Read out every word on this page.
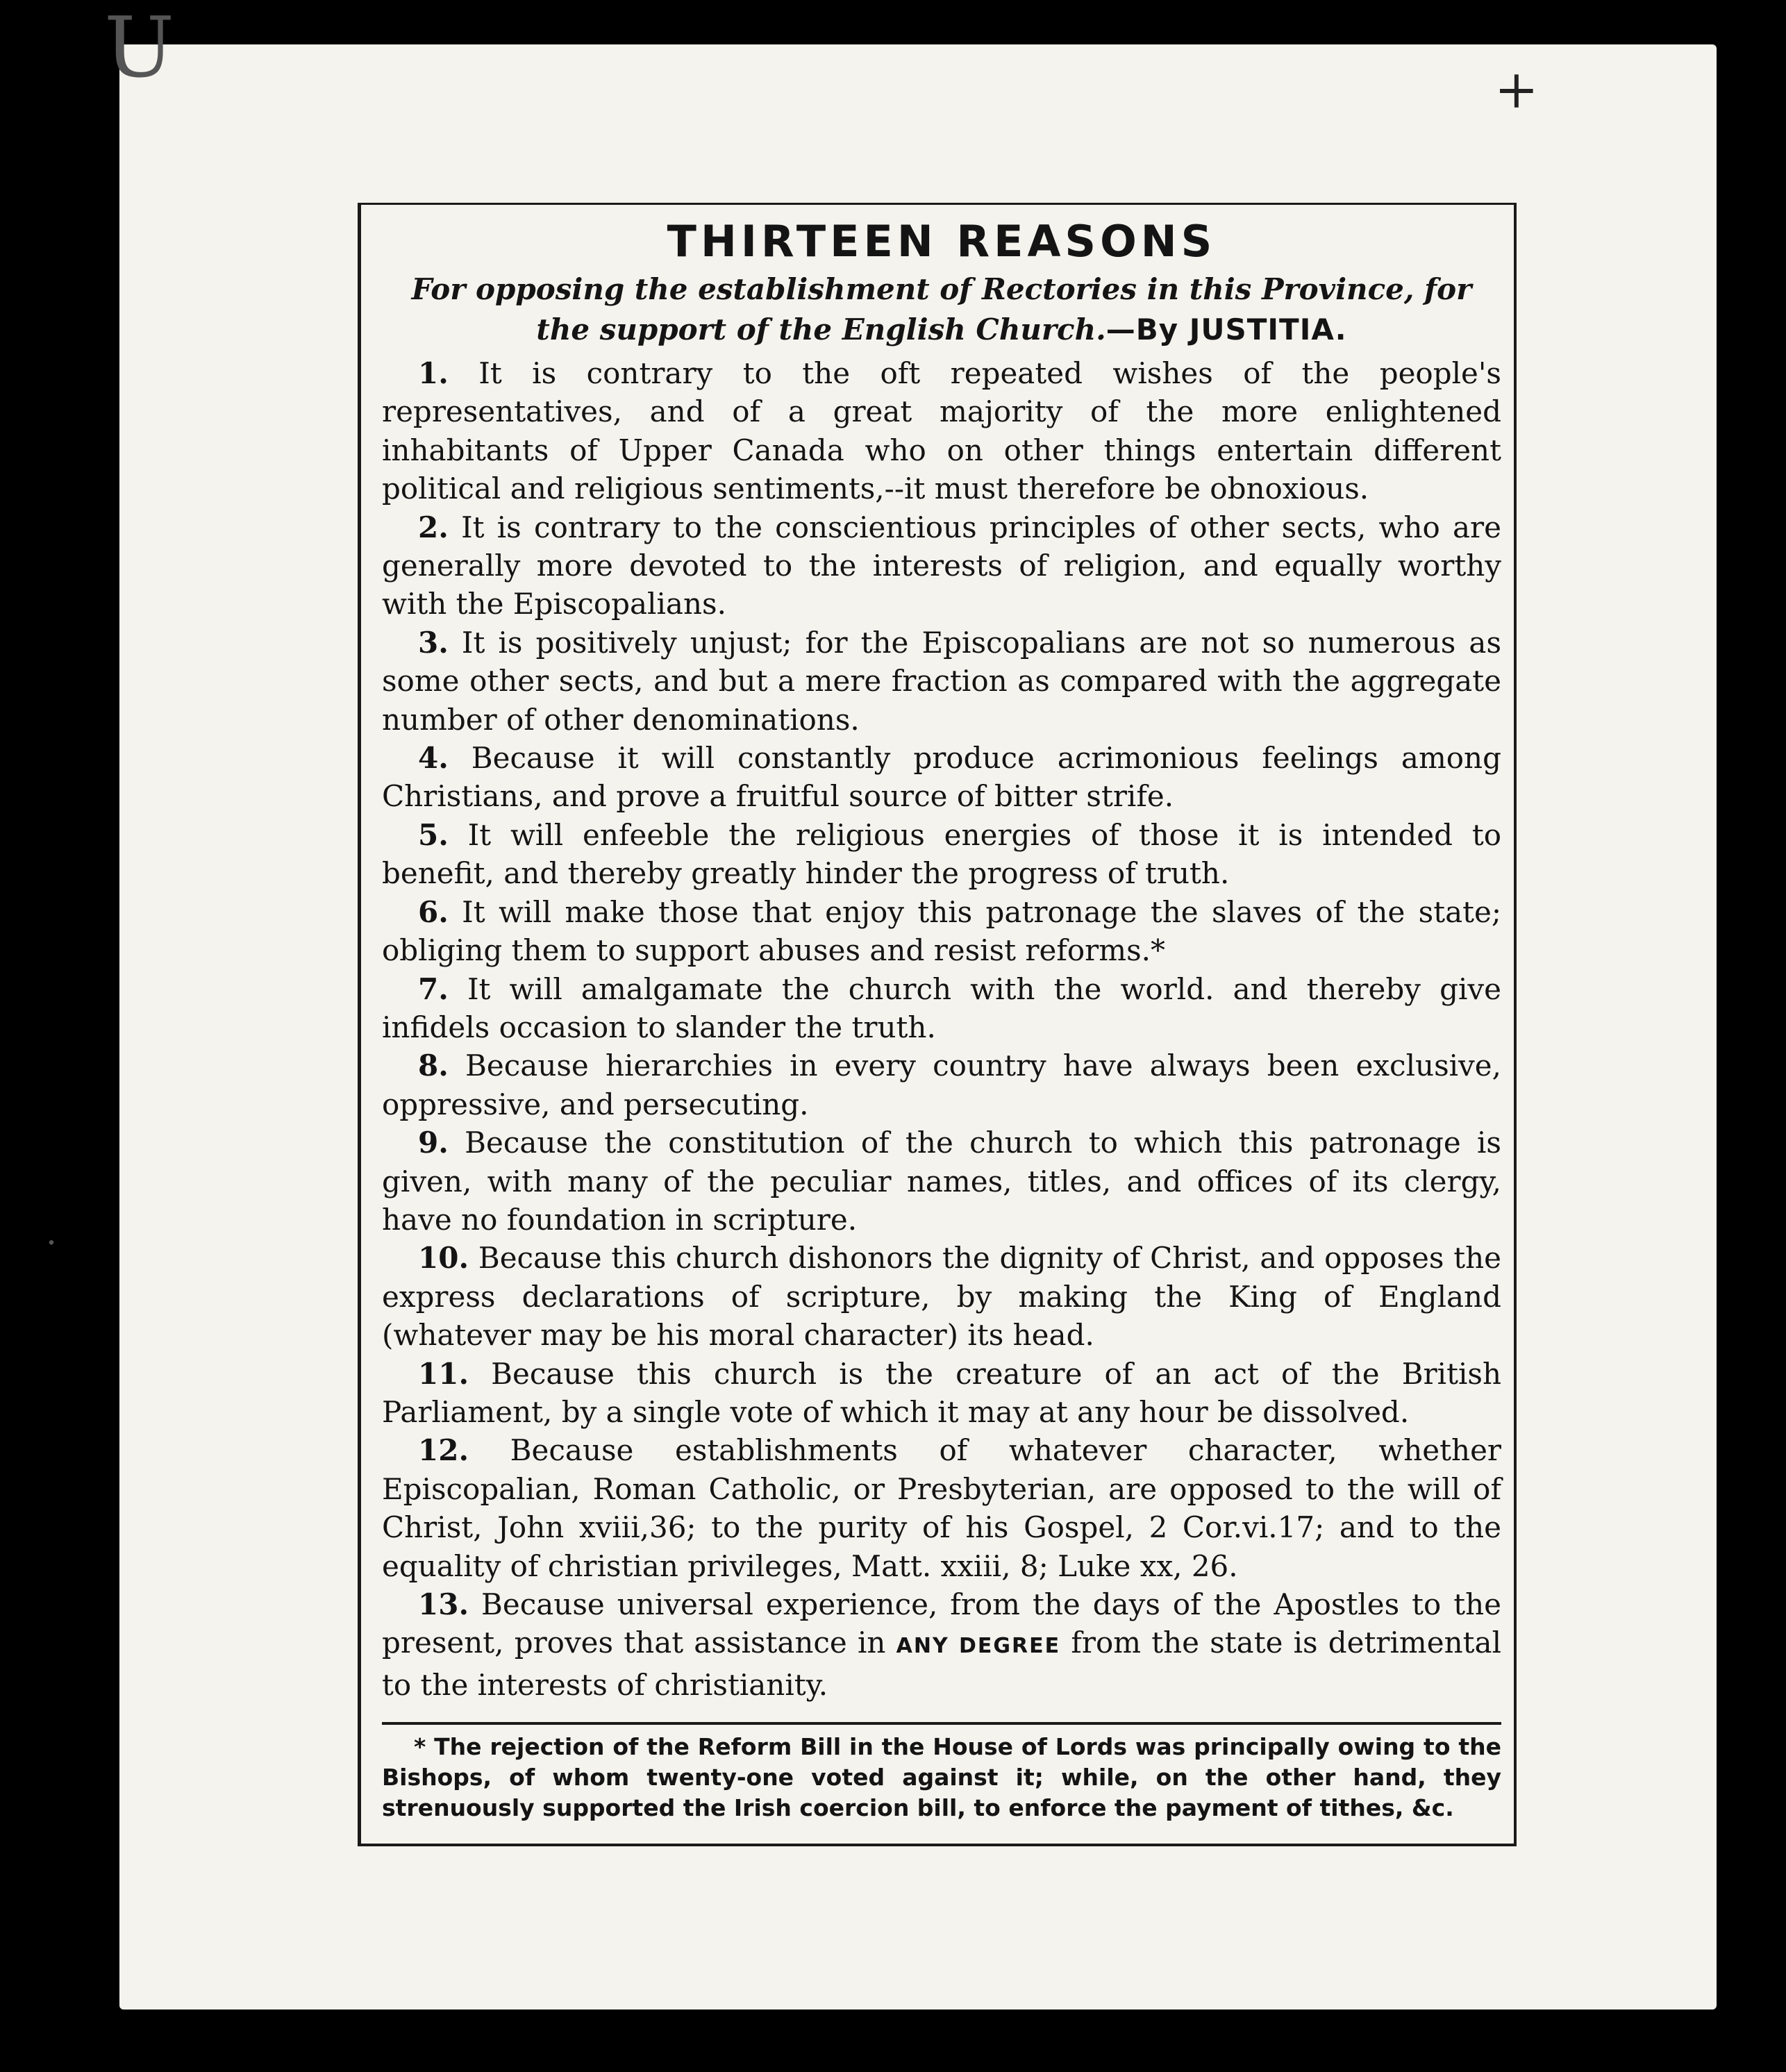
U	+
.
THIRTEEN REASONS

For opposing the establishment of Rectories in this Province, for the support of the English Church.—By JUSTITIA.

1. It is contrary to the oft repeated wishes of the people's representatives, and of a great majority of the more enlightened inhabitants of Upper Canada who on other things entertain different political and religious sentiments,--it must therefore be obnoxious.

2. It is contrary to the conscientious principles of other sects, who are generally more devoted to the interests of religion, and equally worthy with the Episcopalians.

3. It is positively unjust; for the Episcopalians are not so numerous as some other sects, and but a mere fraction as compared with the aggregate number of other denominations.

4. Because it will constantly produce acrimonious feelings among Christians, and prove a fruitful source of bitter strife.

5. It will enfeeble the religious energies of those it is intended to benefit, and thereby greatly hinder the progress of truth.

6. It will make those that enjoy this patronage the slaves of the state; obliging them to support abuses and resist reforms.*

7. It will amalgamate the church with the world. and thereby give infidels occasion to slander the truth.

8. Because hierarchies in every country have always been exclusive, oppressive, and persecuting.

9. Because the constitution of the church to which this patronage is given, with many of the peculiar names, titles, and offices of its clergy, have no foundation in scripture.

10. Because this church dishonors the dignity of Christ, and opposes the express declarations of scripture, by making the King of England (whatever may be his moral character) its head.

11. Because this church is the creature of an act of the British Parliament, by a single vote of which it may at any hour be dissolved.

12. Because establishments of whatever character, whether Episcopalian, Roman Catholic, or Presbyterian, are opposed to the will of Christ, John xviii,36; to the purity of his Gospel, 2 Cor.vi.17; and to the equality of christian privileges, Matt. xxiii, 8; Luke xx, 26.

13. Because universal experience, from the days of the Apostles to the present, proves that assistance in ANY DEGREE from the state is detrimental to the interests of christianity.

* The rejection of the Reform Bill in the House of Lords was principally owing to the Bishops, of whom twenty-one voted against it; while, on the other hand, they strenuously supported the Irish coercion bill, to enforce the payment of tithes, &c.
